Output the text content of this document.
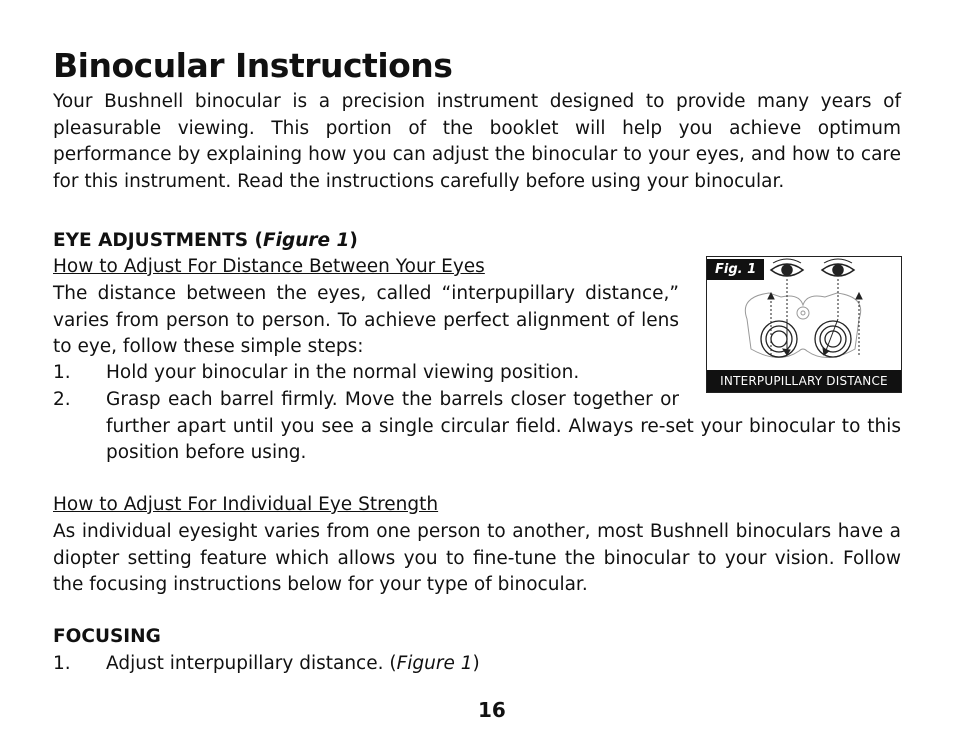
Binocular Instructions
Your Bushnell binocular is a precision instrument designed to provide many years of pleasurable viewing. This portion of the booklet will help you achieve optimum performance by explaining how you can adjust the binocular to your eyes, and how to care for this instrument. Read the instructions carefully before using your binocular.
EYE ADJUSTMENTS (Figure 1)
How to Adjust For Distance Between Your Eyes
The distance between the eyes, called “interpupillary distance,” varies from person to person. To achieve perfect alignment of lens to eye, follow these simple steps:
1. Hold your binocular in the normal viewing position.
2. Grasp each barrel firmly. Move the barrels closer together or further apart until you see a single circular field. Always re-set your binocular to this position before using.
How to Adjust For Individual Eye Strength
As individual eyesight varies from one person to another, most Bushnell binoculars have a diopter setting feature which allows you to fine-tune the binocular to your vision. Follow the focusing instructions below for your type of binocular.
FOCUSING
1. Adjust interpupillary distance. (Figure 1)
Fig. 1
INTERPUPILLARY DISTANCE
16
